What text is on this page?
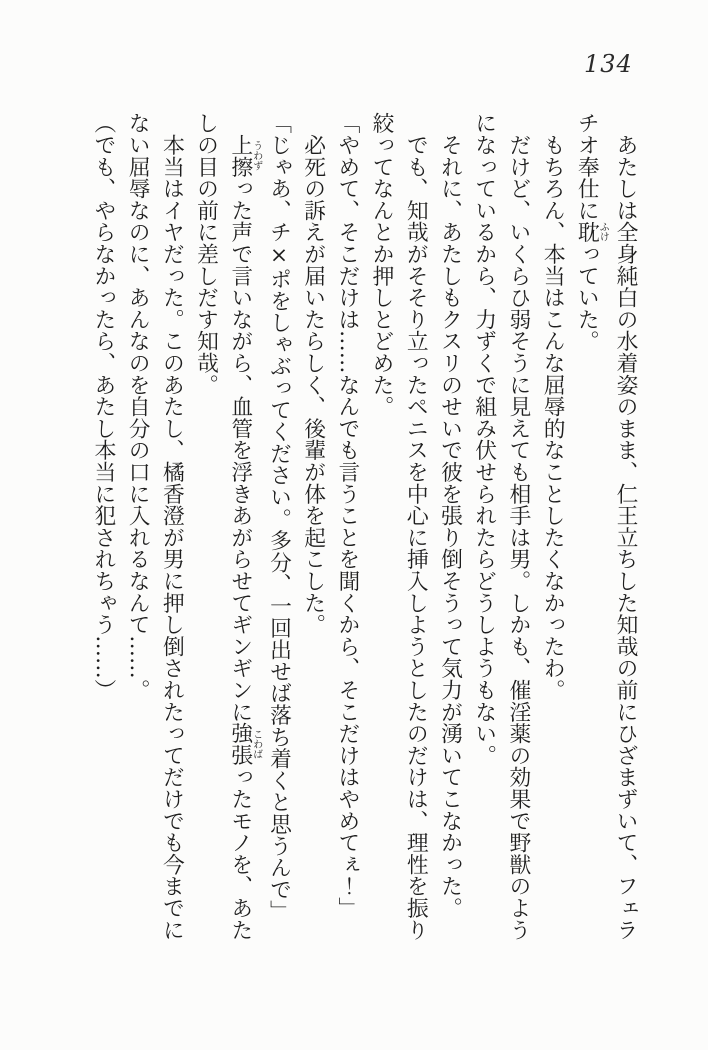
134
　あたしは全身純白の水着姿のまま、仁王立ちした知哉の前にひざまずいて、フェラ
チオ奉仕に耽ふけっていた。
　もちろん、本当はこんな屈辱的なことしたくなかったわ。
　だけど、いくらひ弱そうに見えても相手は男。しかも、催淫薬の効果で野獣のよう
になっているから、力ずくで組み伏せられたらどうしようもない。
　それに、あたしもクスリのせいで彼を張り倒そうって気力が湧いてこなかった。
　でも、知哉がそそり立ったペニスを中心に挿入しようとしたのだけは、理性を振り
絞ってなんとか押しとどめた。
「やめて、そこだけは……なんでも言うことを聞くから、そこだけはやめてぇ！」
　必死の訴えが届いたらしく、後輩が体を起こした。
「じゃあ、チ×ポをしゃぶってください。多分、一回出せば落ち着くと思うんで」
　上擦うわずった声で言いながら、血管を浮きあがらせてギンギンに強張こわばったモノを、あた
しの目の前に差しだす知哉。
　本当はイヤだった。このあたし、橘香澄が男に押し倒されたってだけでも今までに
ない屈辱なのに、あんなのを自分の口に入れるなんて……。
（でも、やらなかったら、あたし本当に犯されちゃう……）
